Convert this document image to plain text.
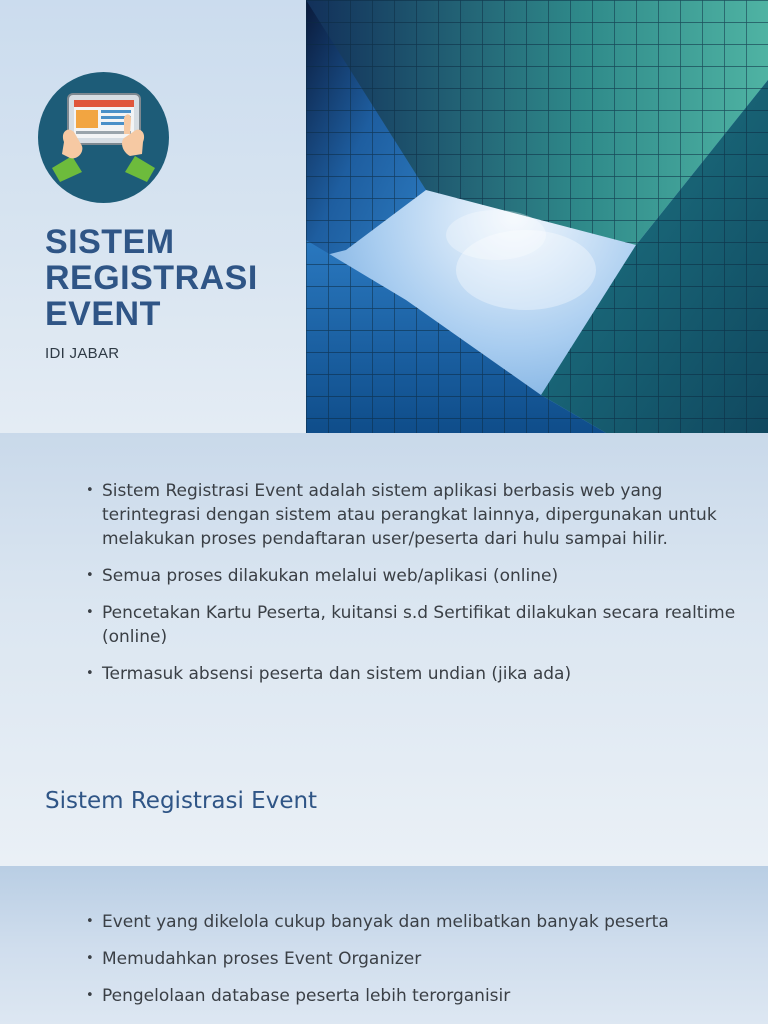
SISTEM REGISTRASI EVENT
IDI JABAR
• Sistem Registrasi Event adalah sistem aplikasi berbasis web yang terintegrasi dengan sistem atau perangkat lainnya, dipergunakan untuk melakukan proses pendaftaran user/peserta dari hulu sampai hilir.
• Semua proses dilakukan melalui web/aplikasi (online)
• Pencetakan Kartu Peserta, kuitansi s.d Sertifikat dilakukan secara realtime (online)
• Termasuk absensi peserta dan sistem undian (jika ada)
Sistem Registrasi Event
• Event yang dikelola cukup banyak dan melibatkan banyak peserta
• Memudahkan proses Event Organizer
• Pengelolaan database peserta lebih terorganisir
